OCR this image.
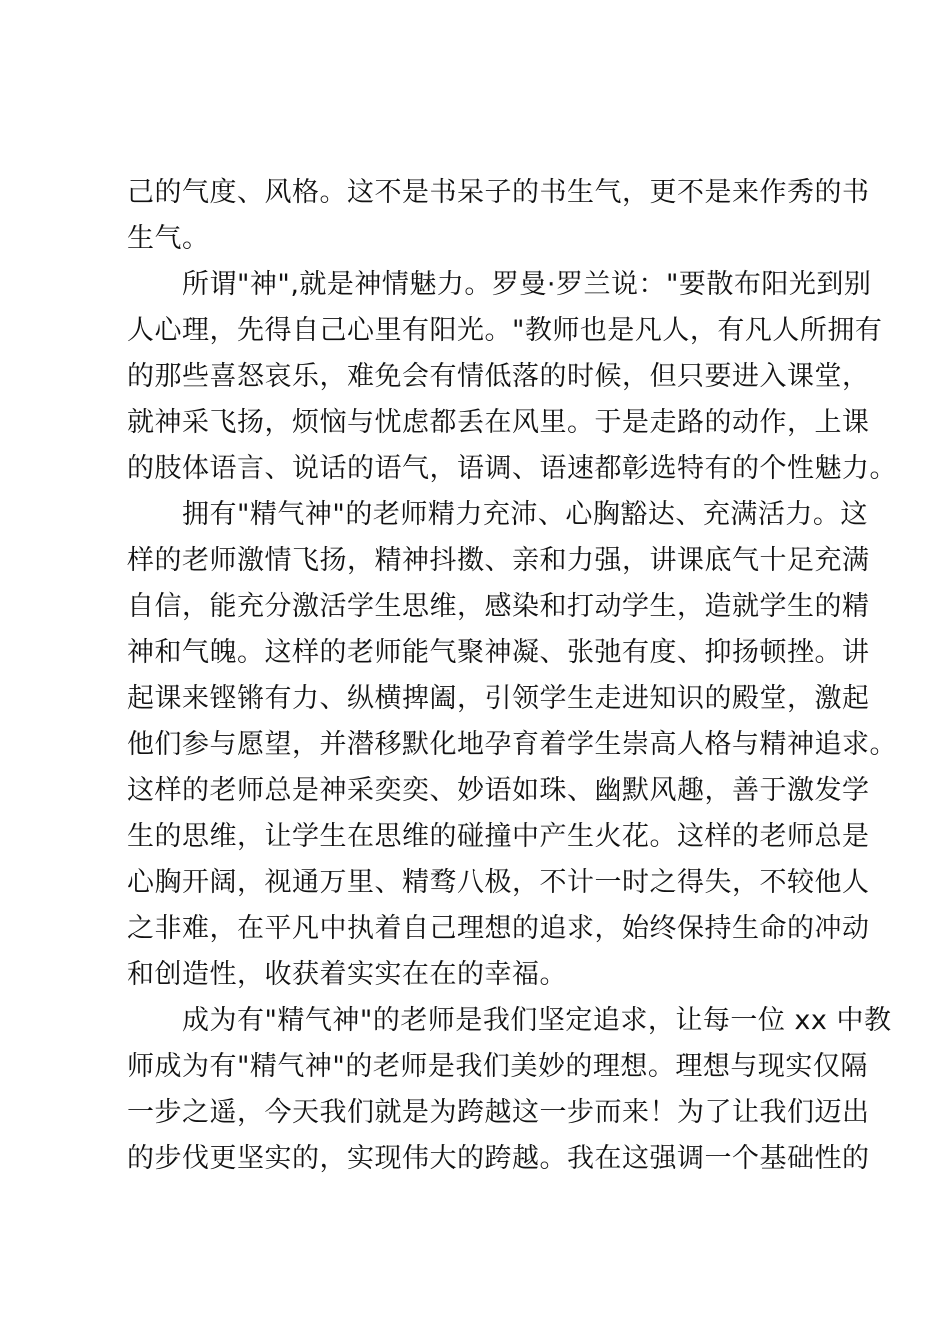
己的气度、风格。这不是书呆子的书生气，更不是来作秀的书
生气。
　　所谓"神",就是神情魅力。罗曼·罗兰说："要散布阳光到别
人心理，先得自己心里有阳光。"教师也是凡人，有凡人所拥有
的那些喜怒哀乐，难免会有情低落的时候，但只要进入课堂，
就神采飞扬，烦恼与忧虑都丢在风里。于是走路的动作，上课
的肢体语言、说话的语气，语调、语速都彰选特有的个性魅力。
　　拥有"精气神"的老师精力充沛、心胸豁达、充满活力。这
样的老师激情飞扬，精神抖擞、亲和力强，讲课底气十足充满
自信，能充分激活学生思维，感染和打动学生，造就学生的精
神和气魄。这样的老师能气聚神凝、张弛有度、抑扬顿挫。讲
起课来铿锵有力、纵横捭阖，引领学生走进知识的殿堂，激起
他们参与愿望，并潜移默化地孕育着学生崇高人格与精神追求。
这样的老师总是神采奕奕、妙语如珠、幽默风趣，善于激发学
生的思维，让学生在思维的碰撞中产生火花。这样的老师总是
心胸开阔，视通万里、精骛八极，不计一时之得失，不较他人
之非难，在平凡中执着自己理想的追求，始终保持生命的冲动
和创造性，收获着实实在在的幸福。
　　成为有"精气神"的老师是我们坚定追求，让每一位 xx 中教
师成为有"精气神"的老师是我们美妙的理想。理想与现实仅隔
一步之遥，今天我们就是为跨越这一步而来！为了让我们迈出
的步伐更坚实的，实现伟大的跨越。我在这强调一个基础性的
